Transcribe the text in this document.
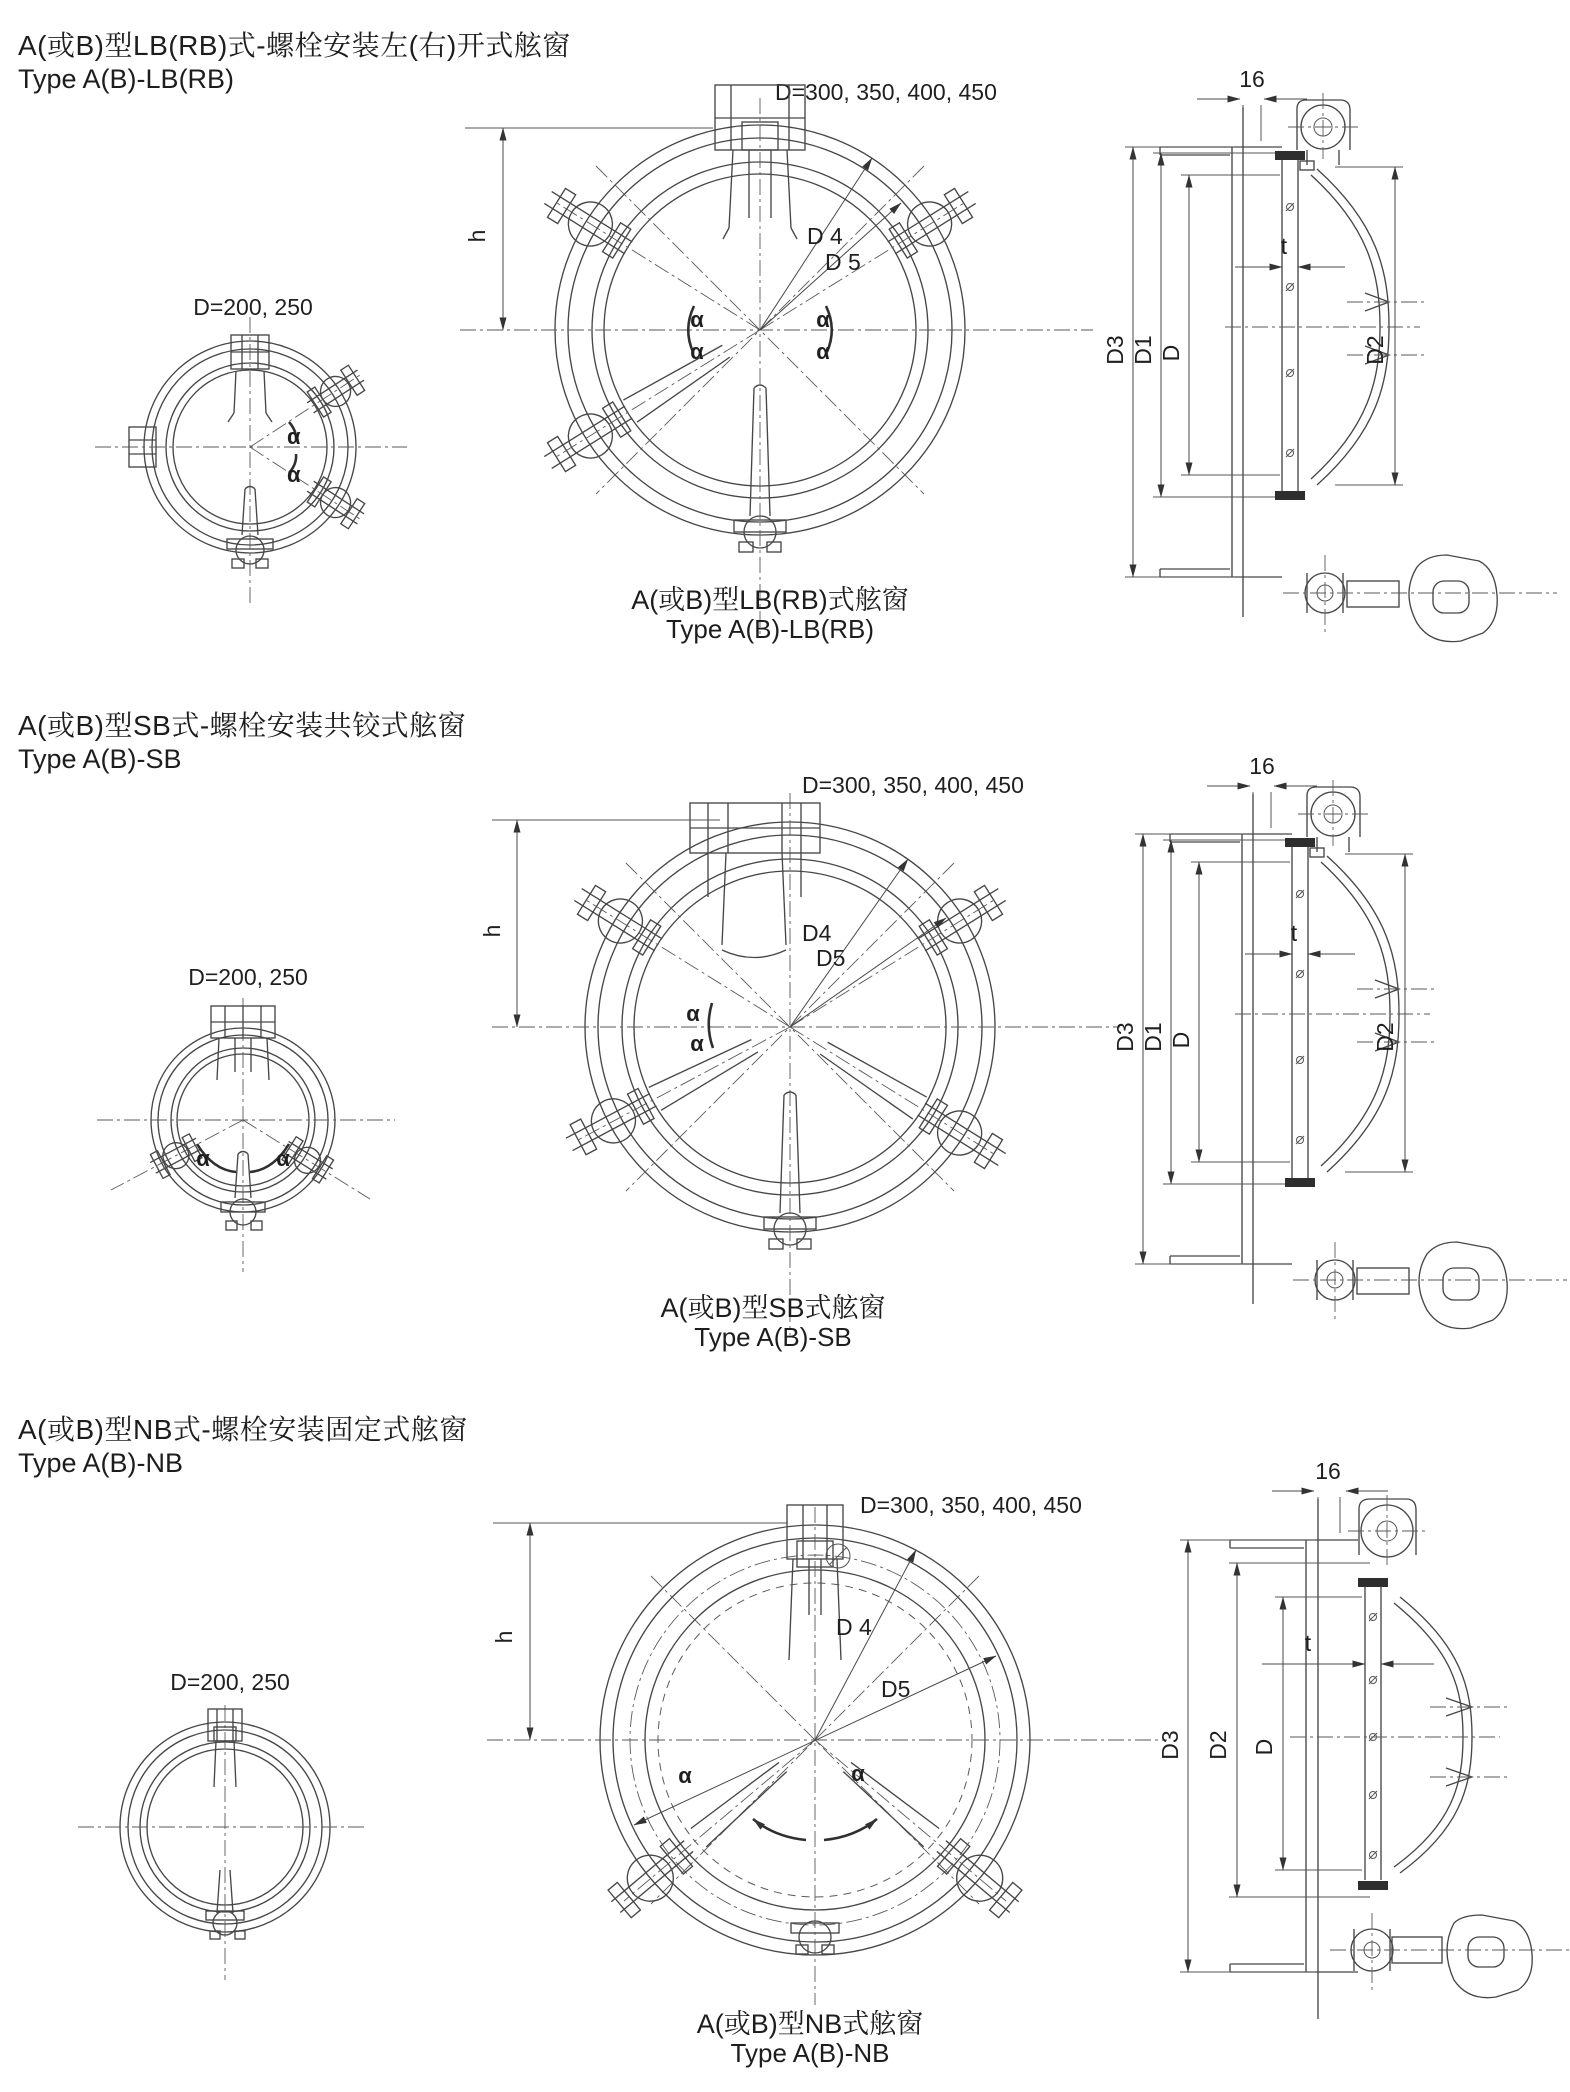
A(或B)型LB(RB)式-螺栓安装左(右)开式舷窗
Type A(B)-LB(RB)
D=200, 250
α
α
D=300, 350, 400, 450
h	D 4
D 5
α
α
α
α
16
t
D3 D1 D	D2
A(或B)型LB(RB)式舷窗
Type A(B)-LB(RB)
A(或B)型SB式-螺栓安装共铰式舷窗
Type A(B)-SB
D=200, 250
α	α
D=300, 350, 400, 450
h	D4
D5
α
α
16
t
D3 D1 D	D2
A(或B)型SB式舷窗
Type A(B)-SB
A(或B)型NB式-螺栓安装固定式舷窗
Type A(B)-NB
D=200, 250
D=300, 350, 400, 450
h	D 4
D5
α	α
16
t
D3 D2 D
A(或B)型NB式舷窗
Type A(B)-NB
